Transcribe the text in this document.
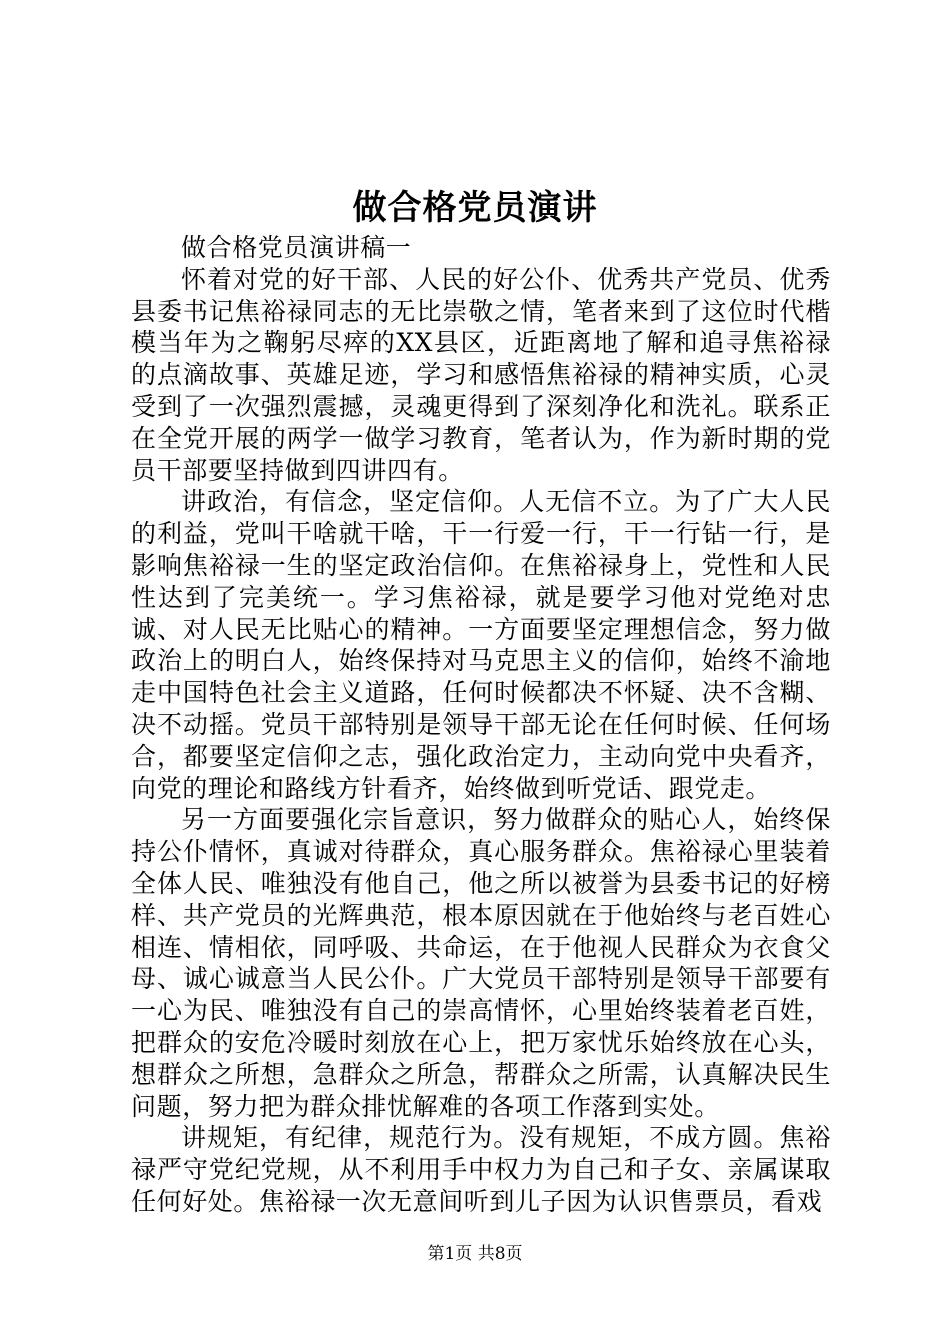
做合格党员演讲

做合格党员演讲稿一

怀着对党的好干部、人民的好公仆、优秀共产党员、优秀县委书记焦裕禄同志的无比崇敬之情，笔者来到了这位时代楷模当年为之鞠躬尽瘁的XX县区，近距离地了解和追寻焦裕禄的点滴故事、英雄足迹，学习和感悟焦裕禄的精神实质，心灵受到了一次强烈震撼，灵魂更得到了深刻净化和洗礼。联系正在全党开展的两学一做学习教育，笔者认为，作为新时期的党员干部要坚持做到四讲四有。

讲政治，有信念，坚定信仰。人无信不立。为了广大人民的利益，党叫干啥就干啥，干一行爱一行，干一行钻一行，是影响焦裕禄一生的坚定政治信仰。在焦裕禄身上，党性和人民性达到了完美统一。学习焦裕禄，就是要学习他对党绝对忠诚、对人民无比贴心的精神。一方面要坚定理想信念，努力做政治上的明白人，始终保持对马克思主义的信仰，始终不渝地走中国特色社会主义道路，任何时候都决不怀疑、决不含糊、决不动摇。党员干部特别是领导干部无论在任何时候、任何场合，都要坚定信仰之志，强化政治定力，主动向党中央看齐，向党的理论和路线方针看齐，始终做到听党话、跟党走。

另一方面要强化宗旨意识，努力做群众的贴心人，始终保持公仆情怀，真诚对待群众，真心服务群众。焦裕禄心里装着全体人民、唯独没有他自己，他之所以被誉为县委书记的好榜样、共产党员的光辉典范，根本原因就在于他始终与老百姓心相连、情相依，同呼吸、共命运，在于他视人民群众为衣食父母、诚心诚意当人民公仆。广大党员干部特别是领导干部要有一心为民、唯独没有自己的崇高情怀，心里始终装着老百姓，把群众的安危冷暖时刻放在心上，把万家忧乐始终放在心头，想群众之所想，急群众之所急，帮群众之所需，认真解决民生问题，努力把为群众排忧解难的各项工作落到实处。

讲规矩，有纪律，规范行为。没有规矩，不成方圆。焦裕禄严守党纪党规，从不利用手中权力为自己和子女、亲属谋取任何好处。焦裕禄一次无意间听到儿子因为认识售票员，看戏

第1页 共8页
